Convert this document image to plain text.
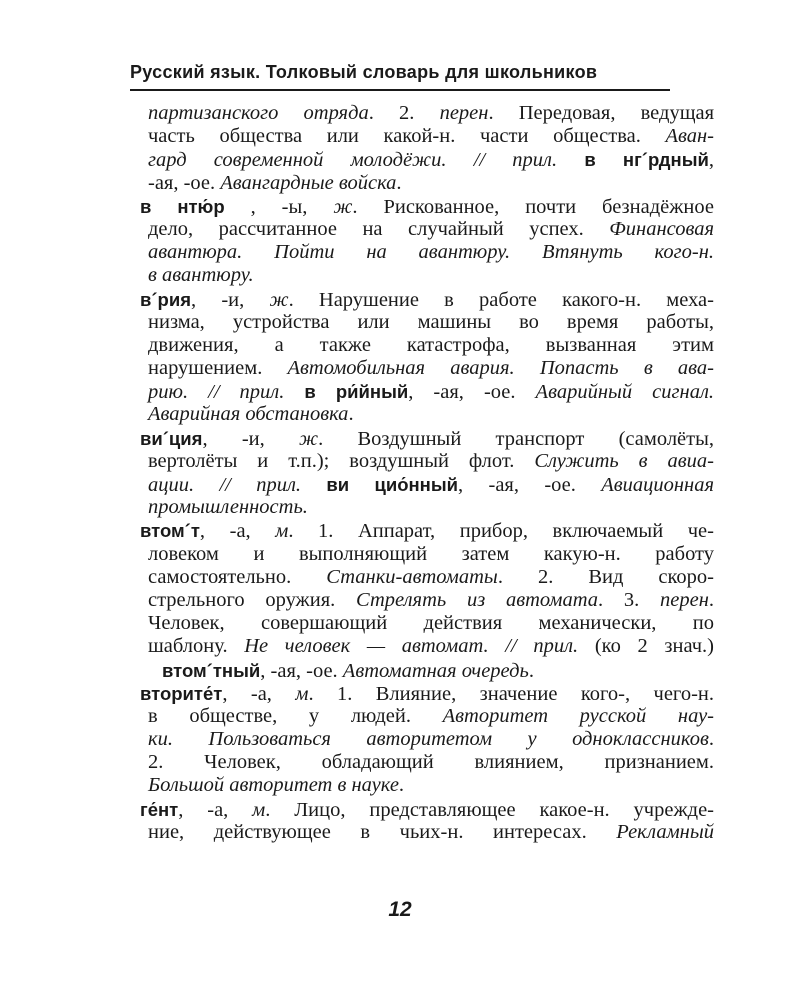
Русский язык. Толковый словарь для школьников
партизанского отряда. 2. перен. Передовая, ведущая
часть общества или какой-н. части общества. Аван-
гард современной молодёжи. // прил. в нг´рдный,
-ая, -ое. Авангардные войска.
в нтю́р , -ы, ж. Рискованное, почти безнадёжное
дело, рассчитанное на случайный успех. Финансовая
авантюра. Пойти на авантюру. Втянуть кого-н.
в авантюру.
в´рия, -и, ж. Нарушение в работе какого-н. меха-
низма, устройства или машины во время работы,
движения, а также катастрофа, вызванная этим
нарушением. Автомобильная авария. Попасть в ава-
рию. // прил. в ри́йный, -ая, -ое. Аварийный сигнал.
Аварийная обстановка.
ви´ция, -и, ж. Воздушный транспорт (самолёты,
вертолёты и т.п.); воздушный флот. Служить в авиа-
ации. // прил. ви цио́нный, -ая, -ое. Авиационная
промышленность.
втом´т, -а, м. 1. Аппарат, прибор, включаемый че-
ловеком и выполняющий затем какую-н. работу
самостоятельно. Станки-автоматы. 2. Вид скоро-
стрельного оружия. Стрелять из автомата. 3. перен.
Человек, совершающий действия механически, по
шаблону. Не человек — автомат. // прил. (ко 2 знач.)
втом´тный, -ая, -ое. Автоматная очередь.
вторите́т, -а, м. 1. Влияние, значение кого-, чего-н.
в обществе, у людей. Авторитет русской нау-
ки. Пользоваться авторитетом у одноклассников.
2. Человек, обладающий влиянием, признанием.
Большой авторитет в науке.
ге́нт, -а, м. Лицо, представляющее какое-н. учрежде-
ние, действующее в чьих-н. интересах. Рекламный
12
